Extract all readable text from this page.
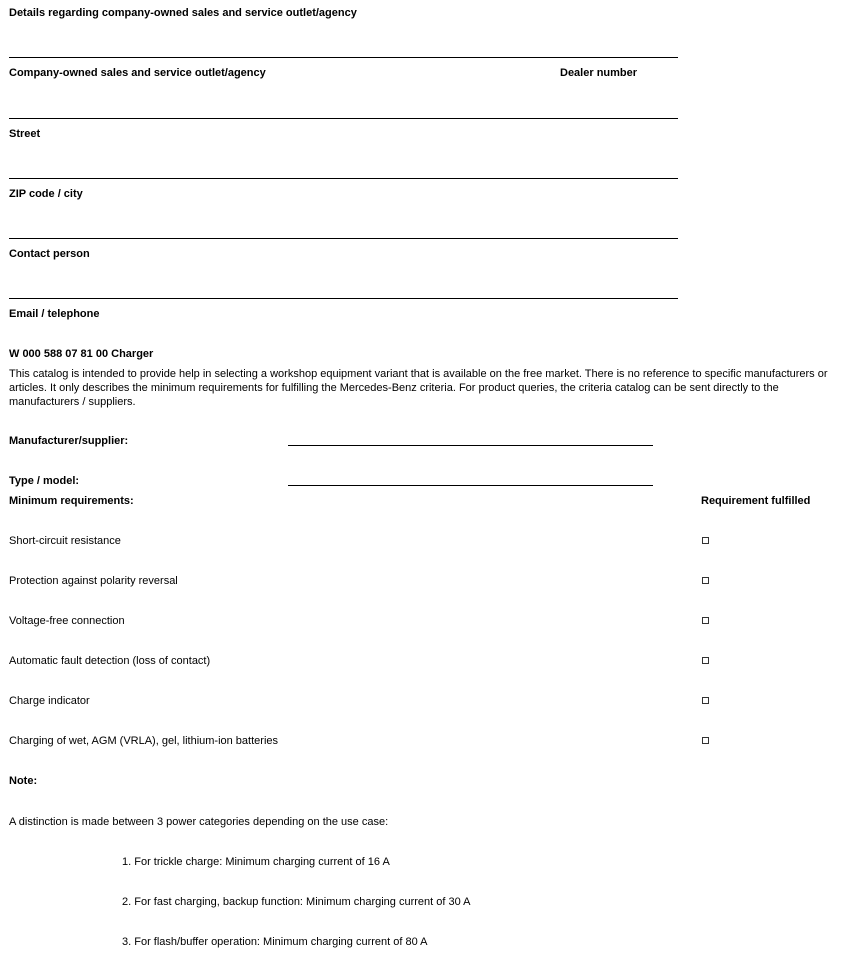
Details regarding company-owned sales and service outlet/agency
Company-owned sales and service outlet/agency	Dealer number
Street
ZIP code / city
Contact person
Email / telephone
W 000 588 07 81 00 Charger
This catalog is intended to provide help in selecting a workshop equipment variant that is available on the free market. There is no reference to specific manufacturers or articles. It only describes the minimum requirements for fulfilling the Mercedes-Benz criteria. For product queries, the criteria catalog can be sent directly to the manufacturers / suppliers.
Manufacturer/supplier:
Type / model:
Minimum requirements:	Requirement fulfilled
Short-circuit resistance
Protection against polarity reversal
Voltage-free connection
Automatic fault detection (loss of contact)
Charge indicator
Charging of wet, AGM (VRLA), gel, lithium-ion batteries
Note:
A distinction is made between 3 power categories depending on the use case:
1. For trickle charge: Minimum charging current of 16 A
2. For fast charging, backup function: Minimum charging current of 30 A
3. For flash/buffer operation: Minimum charging current of 80 A
